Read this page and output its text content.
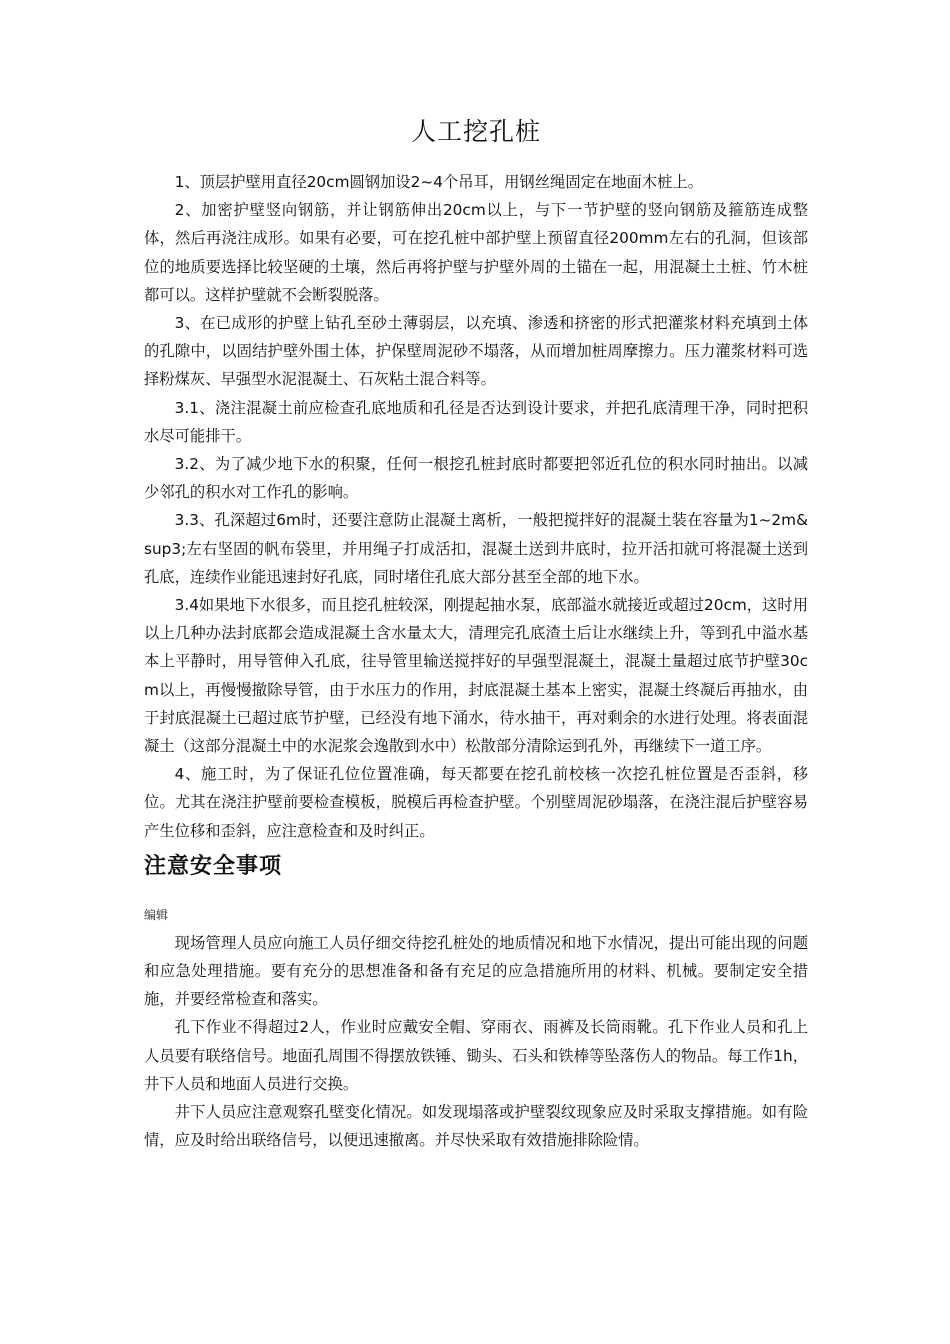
人工挖孔桩

1、顶层护壁用直径20cm圆钢加设2~4个吊耳，用钢丝绳固定在地面木桩上。

2、加密护壁竖向钢筋，并让钢筋伸出20cm以上，与下一节护壁的竖向钢筋及箍筋连成整体，然后再浇注成形。如果有必要，可在挖孔桩中部护壁上预留直径200mm左右的孔洞，但该部位的地质要选择比较坚硬的土壤，然后再将护壁与护壁外周的土锚在一起，用混凝土土桩、竹木桩都可以。这样护壁就不会断裂脱落。

3、在已成形的护壁上钻孔至砂土薄弱层，以充填、渗透和挤密的形式把灌浆材料充填到土体的孔隙中，以固结护壁外围土体，护保壁周泥砂不塌落，从而增加桩周摩擦力。压力灌浆材料可选择粉煤灰、早强型水泥混凝土、石灰粘土混合料等。

3.1、浇注混凝土前应检查孔底地质和孔径是否达到设计要求，并把孔底清理干净，同时把积水尽可能排干。

3.2、为了减少地下水的积聚，任何一根挖孔桩封底时都要把邻近孔位的积水同时抽出。以减少邻孔的积水对工作孔的影响。

3.3、孔深超过6m时，还要注意防止混凝土离析，一般把搅拌好的混凝土装在容量为1~2m&sup3;左右坚固的帆布袋里，并用绳子打成活扣，混凝土送到井底时，拉开活扣就可将混凝土送到孔底，连续作业能迅速封好孔底，同时堵住孔底大部分甚至全部的地下水。

3.4如果地下水很多，而且挖孔桩较深，刚提起抽水泵，底部溢水就接近或超过20cm，这时用以上几种办法封底都会造成混凝土含水量太大，清理完孔底渣土后让水继续上升，等到孔中溢水基本上平静时，用导管伸入孔底，往导管里输送搅拌好的早强型混凝土，混凝土量超过底节护壁30cm以上，再慢慢撤除导管，由于水压力的作用，封底混凝土基本上密实，混凝土终凝后再抽水，由于封底混凝土已超过底节护壁，已经没有地下涌水，待水抽干，再对剩余的水进行处理。将表面混凝土（这部分混凝土中的水泥浆会逸散到水中）松散部分清除运到孔外，再继续下一道工序。

4、施工时，为了保证孔位位置准确，每天都要在挖孔前校核一次挖孔桩位置是否歪斜，移位。尤其在浇注护壁前要检查模板，脱模后再检查护壁。个别壁周泥砂塌落，在浇注混后护壁容易产生位移和歪斜，应注意检查和及时纠正。

注意安全事项
编辑

现场管理人员应向施工人员仔细交待挖孔桩处的地质情况和地下水情况，提出可能出现的问题和应急处理措施。要有充分的思想准备和备有充足的应急措施所用的材料、机械。要制定安全措施，并要经常检查和落实。

孔下作业不得超过2人，作业时应戴安全帽、穿雨衣、雨裤及长筒雨靴。孔下作业人员和孔上人员要有联络信号。地面孔周围不得摆放铁锤、锄头、石头和铁棒等坠落伤人的物品。每工作1h，井下人员和地面人员进行交换。

井下人员应注意观察孔壁变化情况。如发现塌落或护壁裂纹现象应及时采取支撑措施。如有险情，应及时给出联络信号，以便迅速撤离。并尽快采取有效措施排除险情。
